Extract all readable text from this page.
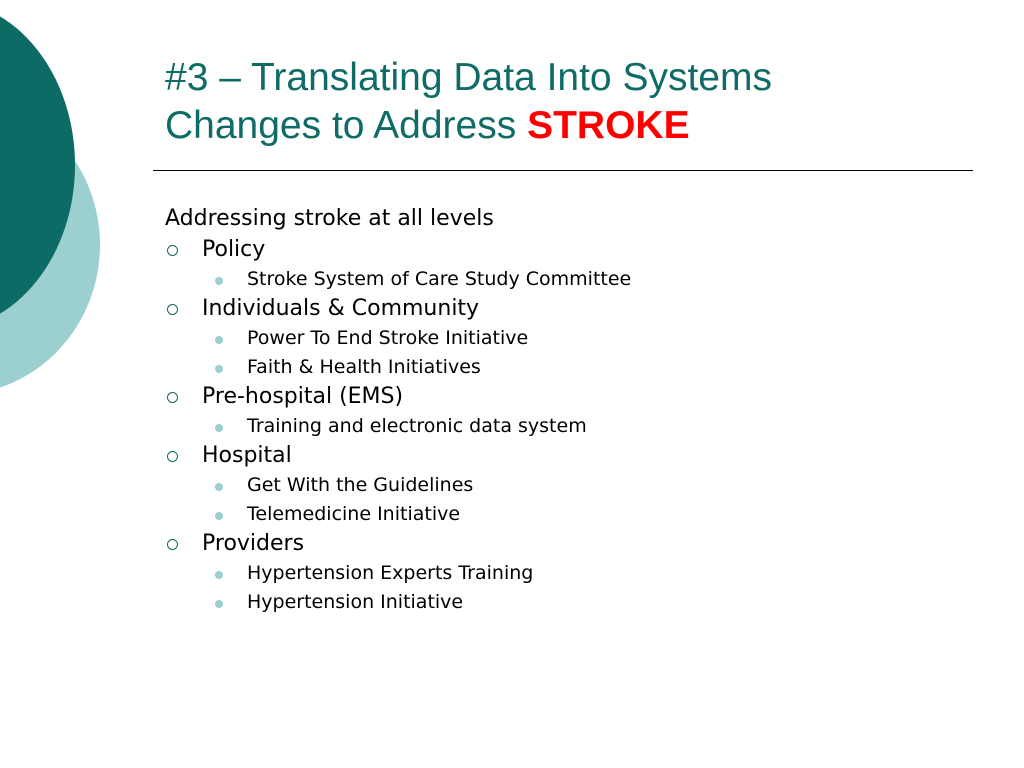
#3 – Translating Data Into Systems
Changes to Address STROKE
Addressing stroke at all levels
Policy
Stroke System of Care Study Committee
Individuals & Community
Power To End Stroke Initiative
Faith & Health Initiatives
Pre-hospital (EMS)
Training and electronic data system
Hospital
Get With the Guidelines
Telemedicine Initiative
Providers
Hypertension Experts Training
Hypertension Initiative
